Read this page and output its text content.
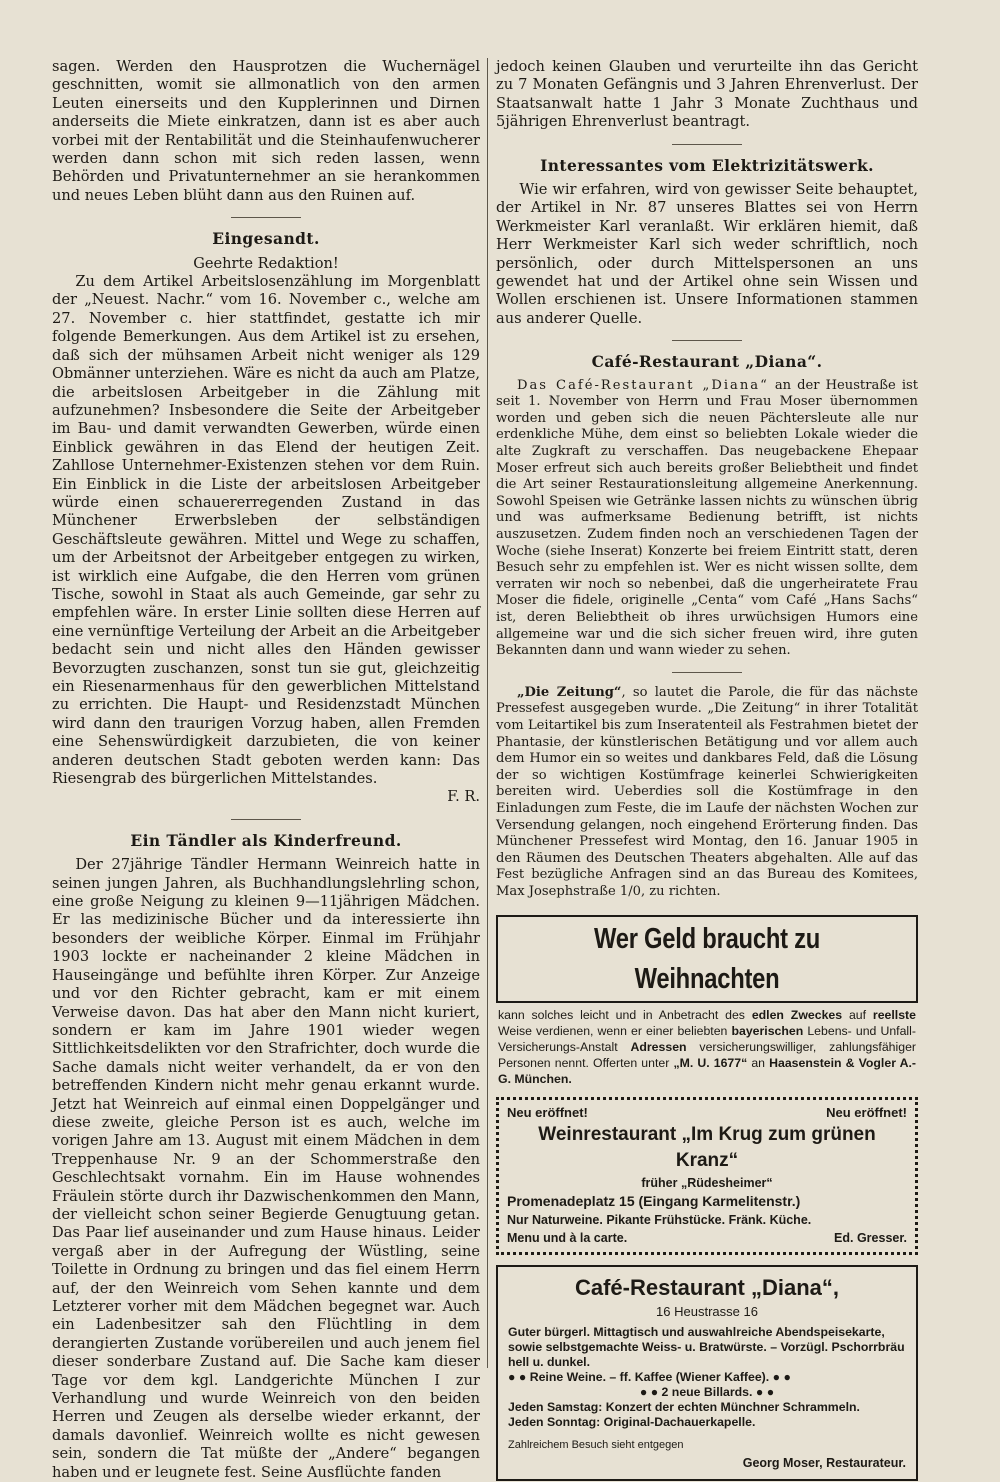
sagen. Werden den Hausprotzen die Wuchernägel geschnitten, womit sie allmonatlich von den armen Leuten einerseits und den Kupplerinnen und Dirnen anderseits die Miete einkratzen, dann ist es aber auch vorbei mit der Rentabilität und die Steinhaufenwucherer werden dann schon mit sich reden lassen, wenn Behörden und Privatunternehmer an sie herankommen und neues Leben blüht dann aus den Ruinen auf.

Eingesandt.
Geehrte Redaktion!

Zu dem Artikel Arbeitslosenzählung im Morgenblatt der „Neuest. Nachr.“ vom 16. November c., welche am 27. November c. hier stattfindet, gestatte ich mir folgende Bemerkungen. Aus dem Artikel ist zu ersehen, daß sich der mühsamen Arbeit nicht weniger als 129 Obmänner unterziehen. Wäre es nicht da auch am Platze, die arbeitslosen Arbeitgeber in die Zählung mit aufzunehmen? Insbesondere die Seite der Arbeitgeber im Bau- und damit verwandten Gewerben, würde einen Einblick gewähren in das Elend der heutigen Zeit. Zahllose Unternehmer-Existenzen stehen vor dem Ruin. Ein Einblick in die Liste der arbeitslosen Arbeitgeber würde einen schauererregenden Zustand in das Münchener Erwerbsleben der selbständigen Geschäftsleute gewähren. Mittel und Wege zu schaffen, um der Arbeitsnot der Arbeitgeber entgegen zu wirken, ist wirklich eine Aufgabe, die den Herren vom grünen Tische, sowohl in Staat als auch Gemeinde, gar sehr zu empfehlen wäre. In erster Linie sollten diese Herren auf eine vernünftige Verteilung der Arbeit an die Arbeitgeber bedacht sein und nicht alles den Händen gewisser Bevorzugten zuschanzen, sonst tun sie gut, gleichzeitig ein Riesenarmenhaus für den gewerblichen Mittelstand zu errichten. Die Haupt- und Residenzstadt München wird dann den traurigen Vorzug haben, allen Fremden eine Sehenswürdigkeit darzubieten, die von keiner anderen deutschen Stadt geboten werden kann: Das Riesengrab des bürgerlichen Mittelstandes.

F. R.
Ein Tändler als Kinderfreund.

Der 27jährige Tändler Hermann Weinreich hatte in seinen jungen Jahren, als Buchhandlungslehrling schon, eine große Neigung zu kleinen 9—11jährigen Mädchen. Er las medizinische Bücher und da interessierte ihn besonders der weibliche Körper. Einmal im Frühjahr 1903 lockte er nacheinander 2 kleine Mädchen in Hauseingänge und befühlte ihren Körper. Zur Anzeige und vor den Richter gebracht, kam er mit einem Verweise davon. Das hat aber den Mann nicht kuriert, sondern er kam im Jahre 1901 wieder wegen Sittlichkeitsdelikten vor den Strafrichter, doch wurde die Sache damals nicht weiter verhandelt, da er von den betreffenden Kindern nicht mehr genau erkannt wurde. Jetzt hat Weinreich auf einmal einen Doppelgänger und diese zweite, gleiche Person ist es auch, welche im vorigen Jahre am 13. August mit einem Mädchen in dem Treppenhause Nr. 9 an der Schommerstraße den Geschlechtsakt vornahm. Ein im Hause wohnendes Fräulein störte durch ihr Dazwischenkommen den Mann, der vielleicht schon seiner Begierde Genugtuung getan. Das Paar lief auseinander und zum Hause hinaus. Leider vergaß aber in der Aufregung der Wüstling, seine Toilette in Ordnung zu bringen und das fiel einem Herrn auf, der den Weinreich vom Sehen kannte und dem Letzterer vorher mit dem Mädchen begegnet war. Auch ein Ladenbesitzer sah den Flüchtling in dem derangierten Zustande vorübereilen und auch jenem fiel dieser sonderbare Zustand auf. Die Sache kam dieser Tage vor dem kgl. Landgerichte München I zur Verhandlung und wurde Weinreich von den beiden Herren und Zeugen als derselbe wieder erkannt, der damals davonlief. Weinreich wollte es nicht gewesen sein, sondern die Tat müßte der „Andere“ begangen haben und er leugnete fest. Seine Ausflüchte fanden

jedoch keinen Glauben und verurteilte ihn das Gericht zu 7 Monaten Gefängnis und 3 Jahren Ehrenverlust. Der Staatsanwalt hatte 1 Jahr 3 Monate Zuchthaus und 5jährigen Ehrenverlust beantragt.

Interessantes vom Elektrizitätswerk.

Wie wir erfahren, wird von gewisser Seite behauptet, der Artikel in Nr. 87 unseres Blattes sei von Herrn Werkmeister Karl veranlaßt. Wir erklären hiemit, daß Herr Werkmeister Karl sich weder schriftlich, noch persönlich, oder durch Mittelspersonen an uns gewendet hat und der Artikel ohne sein Wissen und Wollen erschienen ist. Unsere Informationen stammen aus anderer Quelle.

Café-Restaurant „Diana“.

Das Café-Restaurant „Diana“ an der Heustraße ist seit 1. November von Herrn und Frau Moser übernommen worden und geben sich die neuen Pächtersleute alle nur erdenkliche Mühe, dem einst so beliebten Lokale wieder die alte Zugkraft zu verschaffen. Das neugebackene Ehepaar Moser erfreut sich auch bereits großer Beliebtheit und findet die Art seiner Restaurationsleitung allgemeine Anerkennung. Sowohl Speisen wie Getränke lassen nichts zu wünschen übrig und was aufmerksame Bedienung betrifft, ist nichts auszusetzen. Zudem finden noch an verschiedenen Tagen der Woche (siehe Inserat) Konzerte bei freiem Eintritt statt, deren Besuch sehr zu empfehlen ist. Wer es nicht wissen sollte, dem verraten wir noch so nebenbei, daß die ungerheiratete Frau Moser die fidele, originelle „Centa“ vom Café „Hans Sachs“ ist, deren Beliebtheit ob ihres urwüchsigen Humors eine allgemeine war und die sich sicher freuen wird, ihre guten Bekannten dann und wann wieder zu sehen.

„Die Zeitung“, so lautet die Parole, die für das nächste Pressefest ausgegeben wurde. „Die Zeitung“ in ihrer Totalität vom Leitartikel bis zum Inseratenteil als Festrahmen bietet der Phantasie, der künstlerischen Betätigung und vor allem auch dem Humor ein so weites und dankbares Feld, daß die Lösung der so wichtigen Kostümfrage keinerlei Schwierigkeiten bereiten wird. Ueberdies soll die Kostümfrage in den Einladungen zum Feste, die im Laufe der nächsten Wochen zur Versendung gelangen, noch eingehend Erörterung finden. Das Münchener Pressefest wird Montag, den 16. Januar 1905 in den Räumen des Deutschen Theaters abgehalten. Alle auf das Fest bezügliche Anfragen sind an das Bureau des Komitees, Max Josephstraße 1/0, zu richten.

Wer Geld braucht zu Weihnachten
kann solches leicht und in Anbetracht des edlen Zweckes auf reellste Weise verdienen, wenn er einer beliebten bayerischen Lebens- und Unfall-Versicherungs-Anstalt Adressen versicherungswilliger, zahlungsfähiger Personen nennt. Offerten unter „M. U. 1677“ an Haasenstein & Vogler A.-G. München.
Neu eröffnet!	Neu eröffnet!
Weinrestaurant „Im Krug zum grünen Kranz“
früher „Rüdesheimer“
Promenadeplatz 15 (Eingang Karmelitenstr.)
Nur Naturweine. Pikante Frühstücke. Fränk. Küche.
Menu und à la carte.	Ed. Gresser.
Café-Restaurant „Diana“,
16 Heustrasse 16
Guter bürgerl. Mittagtisch und auswahlreiche Abendspeisekarte, sowie selbstgemachte Weiss- u. Bratwürste. – Vorzügl. Pschorrbräu hell u. dunkel.
● ● Reine Weine. – ff. Kaffee (Wiener Kaffee). ● ●
● ● 2 neue Billards. ● ●
Jeden Samstag: Konzert der echten Münchner Schrammeln.
Jeden Sonntag: Original-Dachauerkapelle.
Zahlreichem Besuch sieht entgegen
Georg Moser, Restaurateur.
